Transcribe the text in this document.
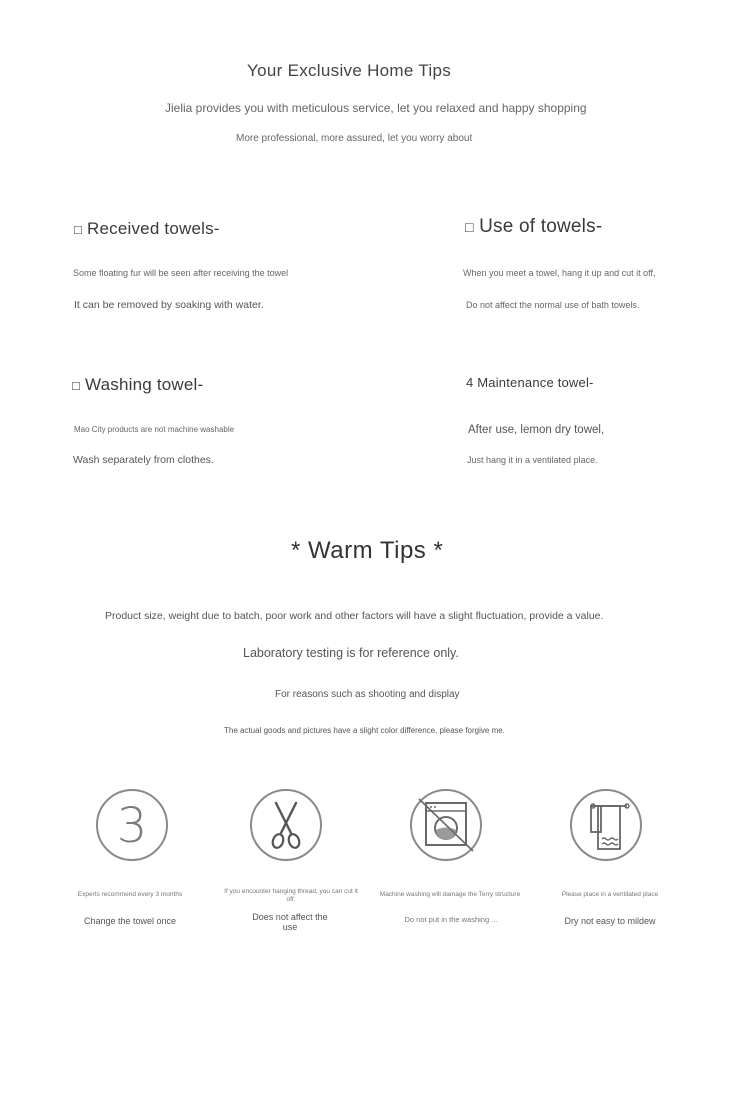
Your Exclusive Home Tips
Jielia provides you with meticulous service, let you relaxed and happy shopping
More professional, more assured, let you worry about
□ Received towels-
Some floating fur will be seen after receiving the towel
It can be removed by soaking with water.
□ Use of towels-
When you meet a towel, hang it up and cut it off,
Do not affect the normal use of bath towels.
□ Washing towel-
Mao City products are not machine washable
Wash separately from clothes.
4 Maintenance towel-
After use, lemon dry towel,
Just hang it in a ventilated place.
* Warm Tips *
Product size, weight due to batch, poor work and other factors will have a slight fluctuation, provide a value.
Laboratory testing is for reference only.
For reasons such as shooting and display
The actual goods and pictures have a slight color difference, please forgive me.
3
Experts recommend every 3 months
Change the towel once
If you encounter hanging thread, you can cut it off.
Does not affect the use
Machine washing will damage the Terry structure
Do not put in the washing ...
Please place in a ventilated place
Dry not easy to mildew
